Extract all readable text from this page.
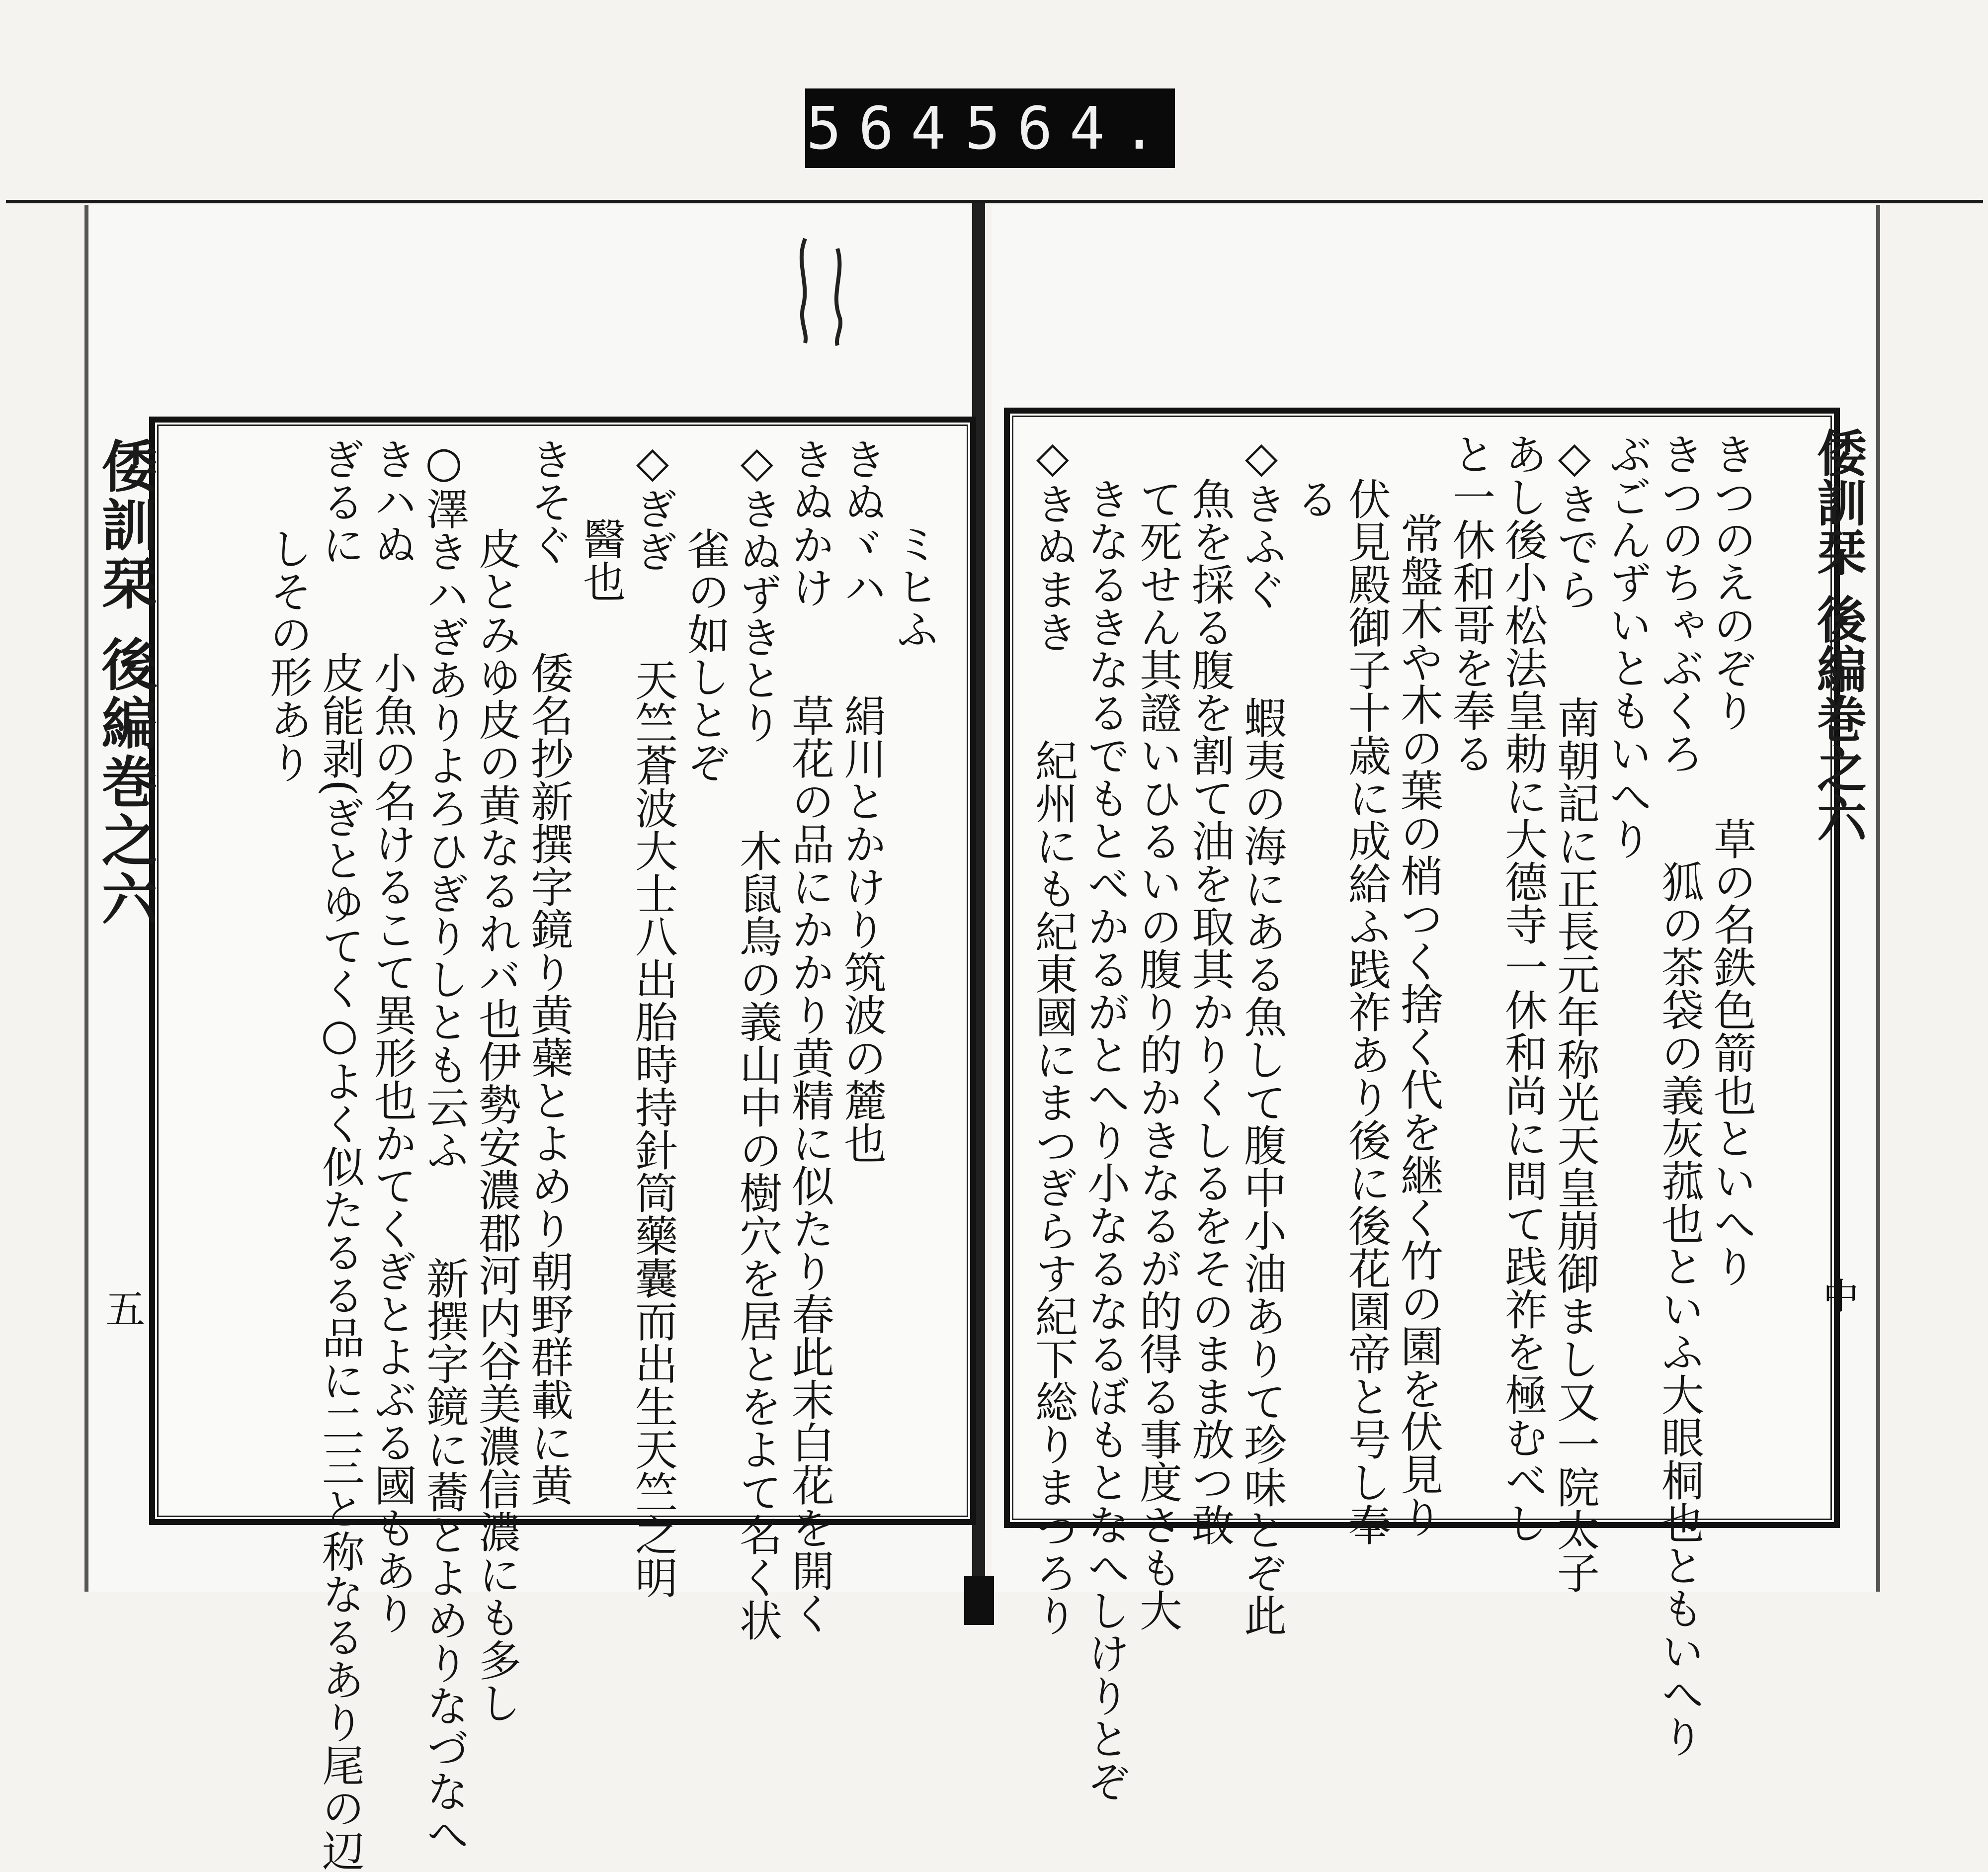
564 564.
倭訓栞 後編巻之六
五
倭訓栞 後編巻之六
中
ミヒふ
きぬヾハ　　絹川とかけり筑波の麓也
きぬかけ　　草花の品にかかり黄精に似たり春此末白花を開く
◇きぬずきとり　　木鼠鳥の義山中の樹穴を居とをよて名く状
雀の如しとぞ
◇ぎぎ　　天竺蒼波大士八出胎時持針筒藥囊而出生天竺之明
醫也
きそぐ　　倭名抄新撰字鏡り黄蘗とよめり朝野群載に黄
皮とみゆ皮の黄なるれバ也伊勢安濃郡河内谷美濃信濃にも多し
○澤きハぎありよろひぎりしとも云ふ　　新撰字鏡に蕎とよめりなづなへ
きハぬ　　小魚の名けるこて異形也かてくぎとよぶる國もあり
ぎるに　　皮能剥(ぎとゆてく○よく似たるる品に二三と称なるあり尾の辺
しその形あり	きつのえのぞり　　草の名鉄色箭也といへり
きつのちゃぶくろ　　狐の茶袋の義灰菰也といふ大眼桐也ともいへり
ぶごんずいともいへり
◇きでら　　南朝記に正長元年称光天皇崩御まし又一院太子
あし後小松法皇勅に大德寺一休和尚に問て践祚を極むべし
と一休和哥を奉る
常盤木や木の葉の梢つく捨く代を継く竹の園を伏見り
伏見殿御子十歳に成給ふ践祚あり後に後花園帝と号し奉
る
◇きふぐ　　蝦夷の海にある魚して腹中小油ありて珍味とぞ此
魚を採る腹を割て油を取其かりくしるをそのまま放つ敢
て死せん其證いひるいの腹り的かきなるが的得る事度さも大
きなるきなるでもとべかるがとへり小なるなるぼもとなへしけりとぞ
◇きぬまき　　紀州にも紀東國にまつぎらす紀下総りまつろり
